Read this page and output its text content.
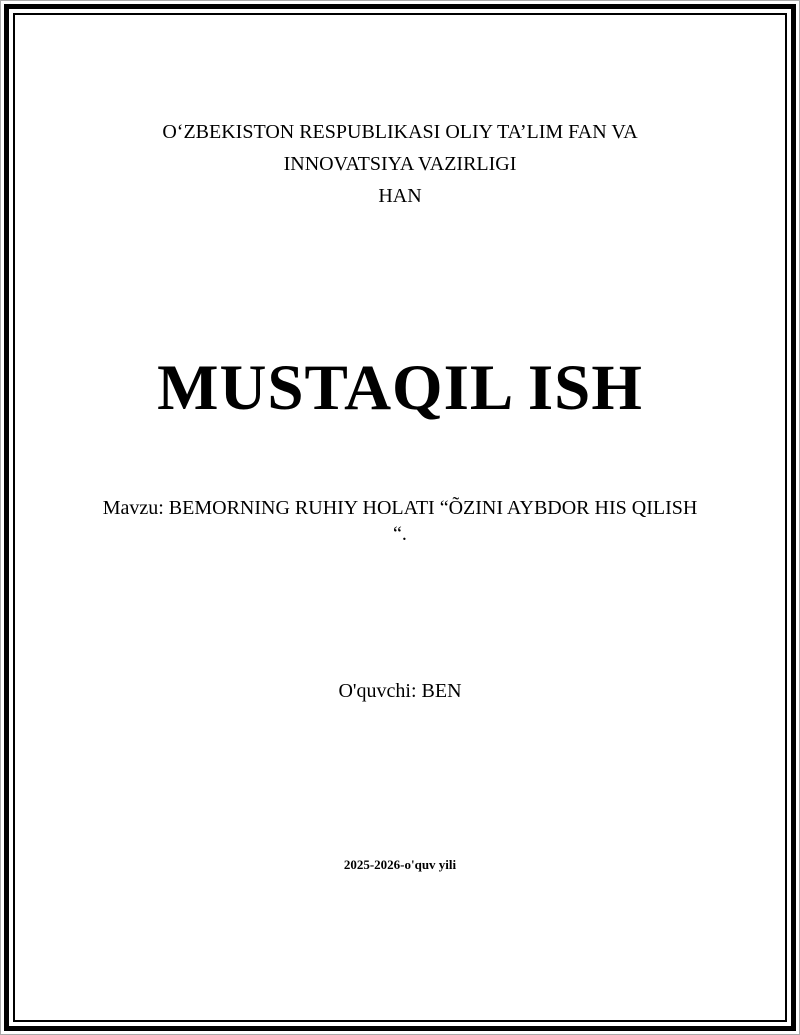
OʻZBEKISTON RESPUBLIKASI OLIY TA’LIM FAN VA
INNOVATSIYA VAZIRLIGI
HAN
MUSTAQIL ISH
Mavzu: BEMORNING RUHIY HOLATI “ÕZINI AYBDOR HIS QILISH
“.
O'quvchi: BEN
2025-2026-o'quv yili
